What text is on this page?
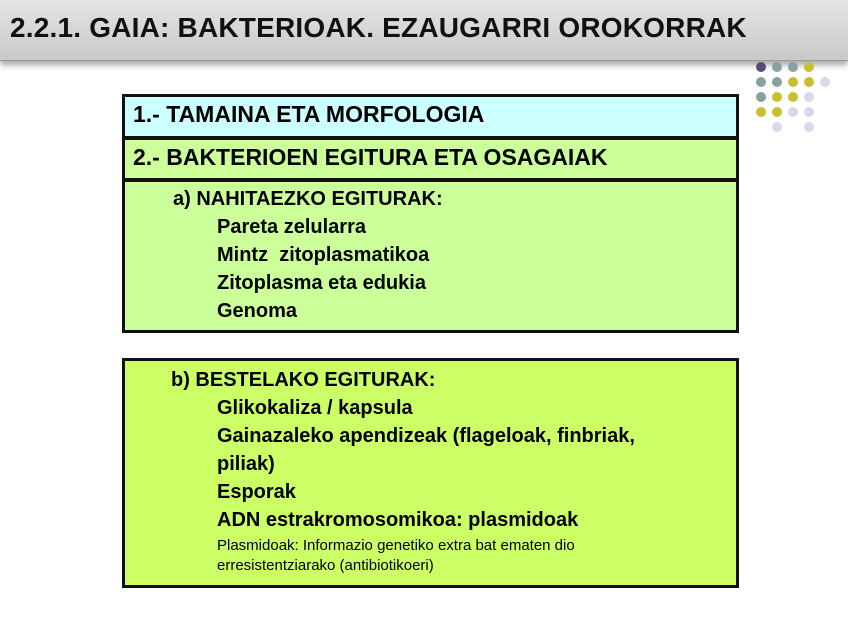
2.2.1. GAIA: BAKTERIOAK. EZAUGARRI OROKORRAK
1.- TAMAINA ETA MORFOLOGIA
2.- BAKTERIOEN EGITURA ETA OSAGAIAK
a) NAHITAEZKO EGITURAK:
Pareta zelularra
Mintz  zitoplasmatikoa
Zitoplasma eta edukia
Genoma
b) BESTELAKO EGITURAK:
Glikokaliza / kapsula
Gainazaleko apendizeak (flageloak, finbriak,
piliak)
Esporak
ADN estrakromosomikoa: plasmidoak
Plasmidoak: Informazio genetiko extra bat ematen dio
erresistentziarako (antibiotikoeri)
